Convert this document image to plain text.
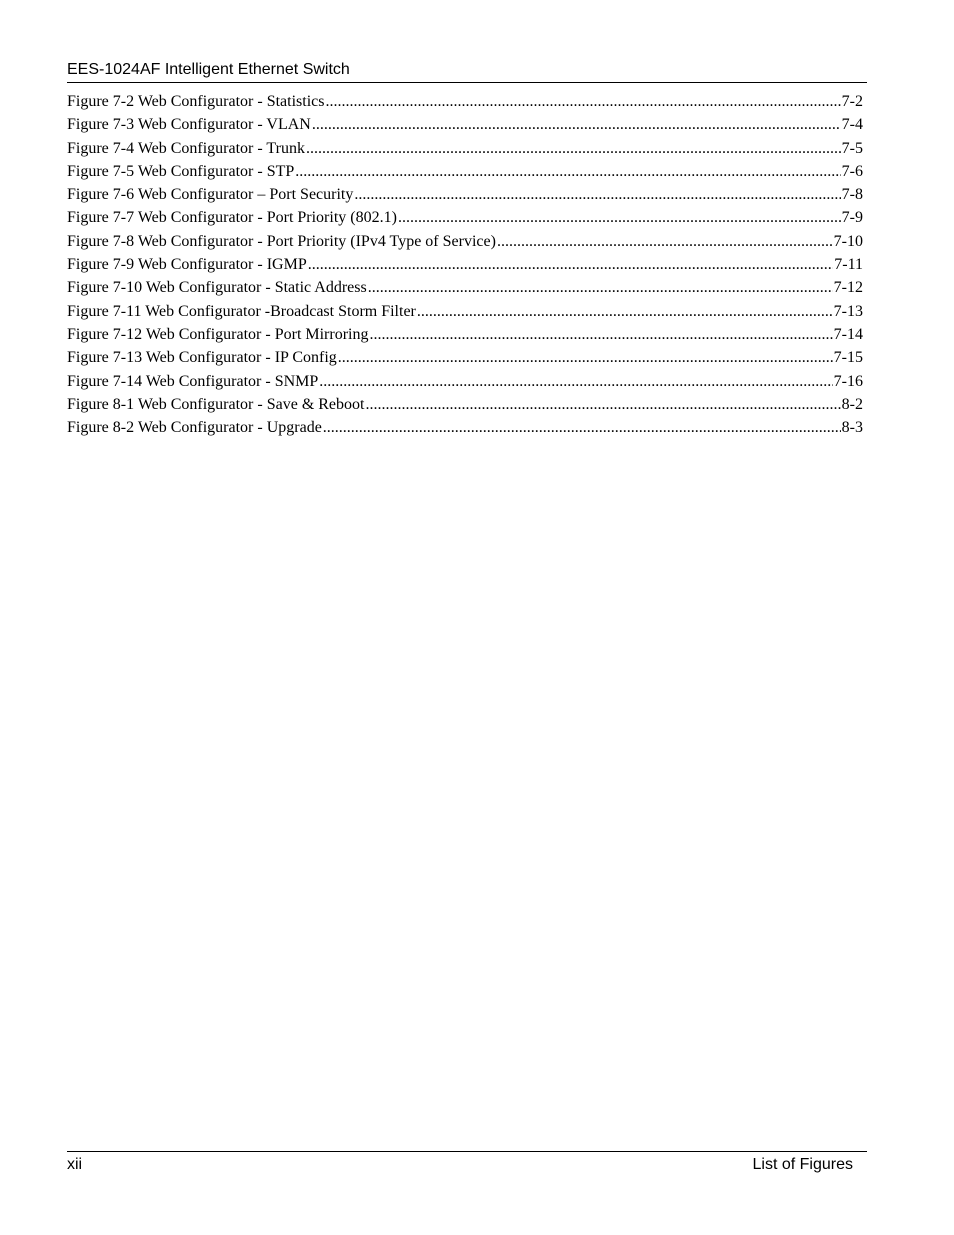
EES-1024AF Intelligent Ethernet Switch
Figure 7-2 Web Configurator - Statistics .....	7-2
Figure 7-3 Web Configurator - VLAN .....	7-4
Figure 7-4 Web Configurator - Trunk .....	7-5
Figure 7-5 Web Configurator - STP .....	7-6
Figure 7-6 Web Configurator – Port Security .....	7-8
Figure 7-7 Web Configurator - Port Priority (802.1) .....	7-9
Figure 7-8 Web Configurator - Port Priority (IPv4 Type of Service) .....	7-10
Figure 7-9 Web Configurator - IGMP .....	7-11
Figure 7-10 Web Configurator - Static Address .....	7-12
Figure 7-11 Web Configurator -Broadcast Storm Filter .....	7-13
Figure 7-12 Web Configurator - Port Mirroring .....	7-14
Figure 7-13 Web Configurator - IP Config .....	7-15
Figure 7-14 Web Configurator - SNMP .....	7-16
Figure 8-1 Web Configurator - Save & Reboot .....	8-2
Figure 8-2 Web Configurator - Upgrade .....	8-3
xii	List of Figures
